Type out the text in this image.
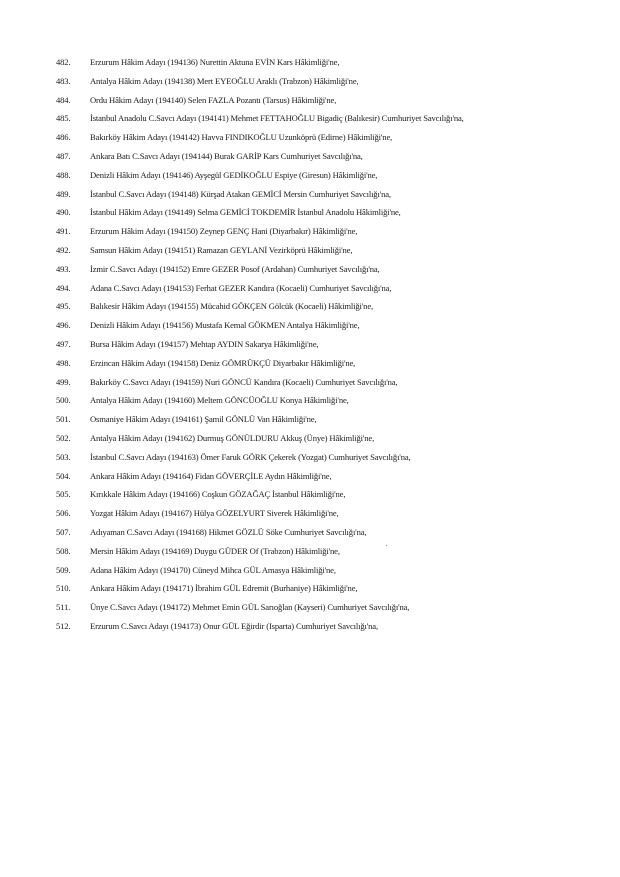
482.	Erzurum Hâkim Adayı (194136) Nurettin Aktuna EVİN Kars Hâkimliği'ne,
483.	Antalya Hâkim Adayı (194138) Mert EYEOĞLU Araklı (Trabzon) Hâkimliği'ne,
484.	Ordu Hâkim Adayı (194140) Selen FAZLA Pozantı (Tarsus) Hâkimliği'ne,
485.	İstanbul Anadolu C.Savcı Adayı (194141) Mehmet FETTAHOĞLU Bigadiç (Balıkesir) Cumhuriyet Savcılığı'na,
486.	Bakırköy Hâkim Adayı (194142) Havva FINDIKOĞLU Uzunköprü (Edirne) Hâkimliği'ne,
487.	Ankara Batı C.Savcı Adayı (194144) Burak GARİP Kars Cumhuriyet Savcılığı'na,
488.	Denizli Hâkim Adayı (194146) Ayşegül GEDİKOĞLU Espiye (Giresun) Hâkimliği'ne,
489.	İstanbul C.Savcı Adayı (194148) Kürşad Atakan GEMİCİ Mersin Cumhuriyet Savcılığı'na,
490.	İstanbul Hâkim Adayı (194149) Selma GEMİCİ TOKDEMİR İstanbul Anadolu Hâkimliği'ne,
491.	Erzurum Hâkim Adayı (194150) Zeynep GENÇ Hani (Diyarbakır) Hâkimliği'ne,
492.	Samsun Hâkim Adayı (194151) Ramazan GEYLANİ Vezirköprü Hâkimliği'ne,
493.	İzmir C.Savcı Adayı (194152) Emre GEZER Posof (Ardahan) Cumhuriyet Savcılığı'na,
494.	Adana C.Savcı Adayı (194153) Ferhat GEZER Kandıra (Kocaeli) Cumhuriyet Savcılığı'na,
495.	Balıkesir Hâkim Adayı (194155) Mücahid GÖKÇEN Gölcük (Kocaeli) Hâkimliği'ne,
496.	Denizli Hâkim Adayı (194156) Mustafa Kemal GÖKMEN Antalya Hâkimliği'ne,
497.	Bursa Hâkim Adayı (194157) Mehtap AYDIN Sakarya Hâkimliği'ne,
498.	Erzincan Hâkim Adayı (194158) Deniz GÖMRÜKÇÜ Diyarbakır Hâkimliği'ne,
499.	Bakırköy C.Savcı Adayı (194159) Nuri GÖNCÜ Kandıra (Kocaeli) Cumhuriyet Savcılığı'na,
500.	Antalya Hâkim Adayı (194160) Meltem GÖNCÜOĞLU Konya Hâkimliği'ne,
501.	Osmaniye Hâkim Adayı (194161) Şamil GÖNLÜ Van Hâkimliği'ne,
502.	Antalya Hâkim Adayı (194162) Durmuş GÖNÜLDURU Akkuş (Ünye) Hâkimliği'ne,
503.	İstanbul C.Savcı Adayı (194163) Ömer Faruk GÖRK Çekerek (Yozgat) Cumhuriyet Savcılığı'na,
504.	Ankara Hâkim Adayı (194164) Fidan GÖVERÇİLE Aydın Hâkimliği'ne,
505.	Kırıkkale Hâkim Adayı (194166) Coşkun GÖZAĞAÇ İstanbul Hâkimliği'ne,
506.	Yozgat Hâkim Adayı (194167) Hülya GÖZELYURT Siverek Hâkimliği'ne,
507.	Adıyaman C.Savcı Adayı (194168) Hikmet GÖZLÜ Söke Cumhuriyet Savcılığı'na,
508.	Mersin Hâkim Adayı (194169) Duygu GÜDER Of (Trabzon) Hâkimliği'ne,
509.	Adana Hâkim Adayı (194170) Cüneyd Mihca GÜL Amasya Hâkimliği'ne,
510.	Ankara Hâkim Adayı (194171) İbrahim GÜL Edremit (Burhaniye) Hâkimliği'ne,
511.	Ünye C.Savcı Adayı (194172) Mehmet Emin GÜL Sarıoğlan (Kayseri) Cumhuriyet Savcılığı'na,
512.	Erzurum C.Savcı Adayı (194173) Onur GÜL Eğirdir (Isparta) Cumhuriyet Savcılığı'na,
